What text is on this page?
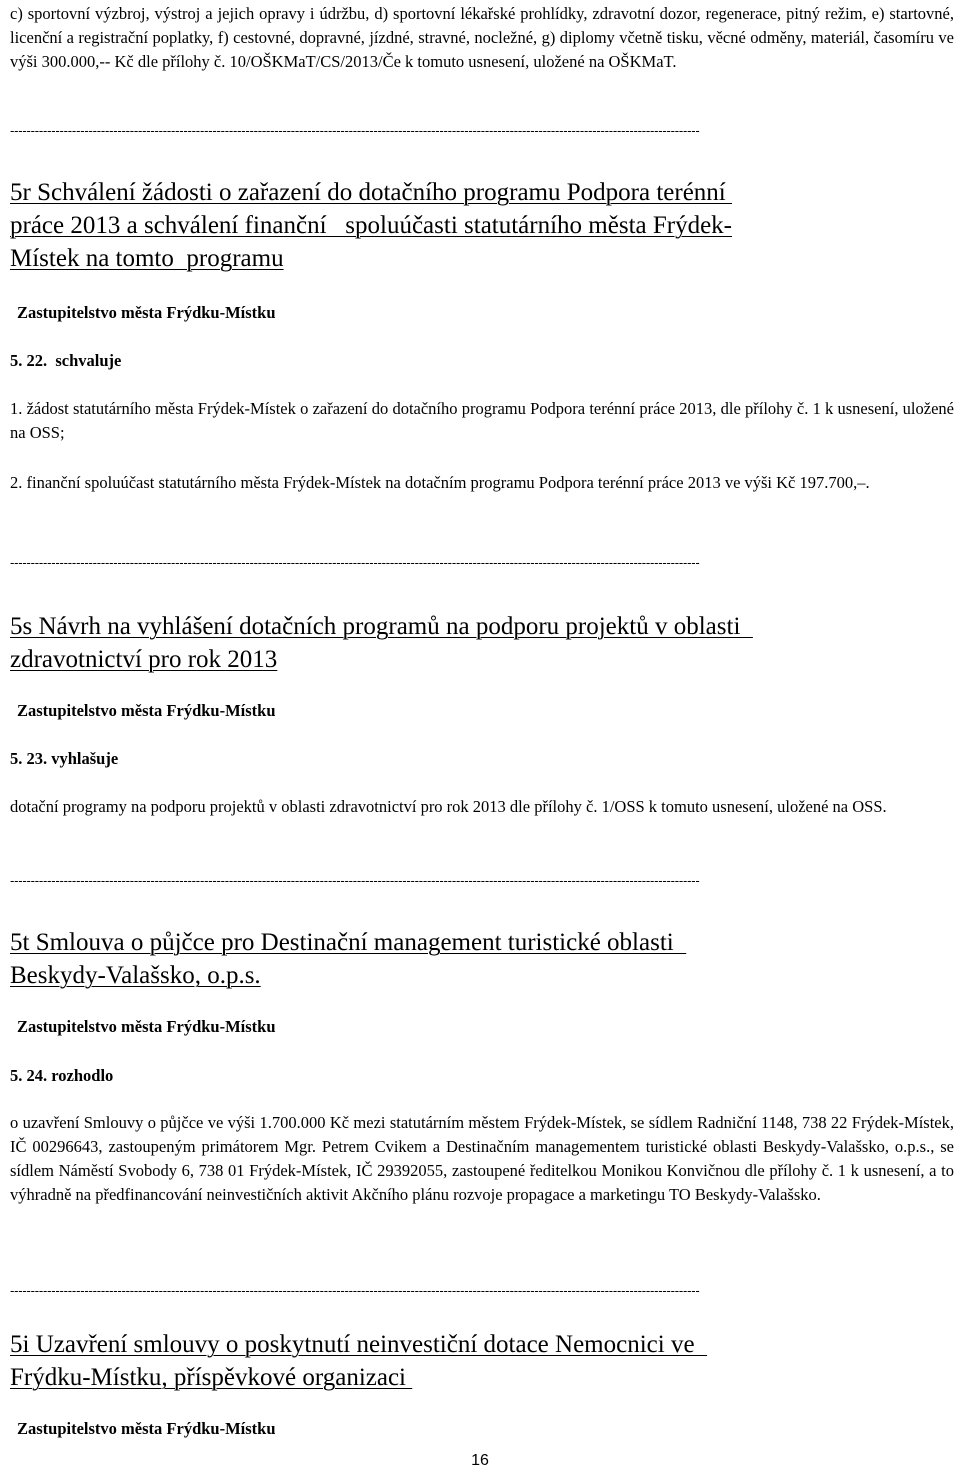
c) sportovní výzbroj, výstroj a jejich opravy i údržbu, d) sportovní lékařské prohlídky, zdravotní dozor, regenerace, pitný režim, e) startovné, licenční a registrační poplatky, f) cestovné, dopravné, jízdné, stravné, nocležné, g) diplomy včetně tisku, věcné odměny, materiál, časomíru ve výši 300.000,-- Kč dle přílohy č. 10/OŠKMaT/CS/2013/Če k tomuto usnesení, uložené na OŠKMaT.

-----------------------------------------------------------------------------------------------------------------------------------------------------------------------
5r Schválení žádosti o zařazení do dotačního programu Podpora terénní
práce 2013 a schválení finanční   spoluúčasti statutárního města Frýdek-
Místek na tomto  programu
Zastupitelstvo města Frýdku-Místku
5. 22.  schvaluje

1. žádost statutárního města Frýdek-Místek o zařazení do dotačního programu Podpora terénní práce 2013, dle přílohy č. 1 k usnesení, uložené na OSS;

2. finanční spoluúčast statutárního města Frýdek-Místek na dotačním programu Podpora terénní práce 2013 ve výši Kč 197.700,–.

-----------------------------------------------------------------------------------------------------------------------------------------------------------------------
5s Návrh na vyhlášení dotačních programů na podporu projektů v oblasti
zdravotnictví pro rok 2013
Zastupitelstvo města Frýdku-Místku
5. 23. vyhlašuje

dotační programy na podporu projektů v oblasti zdravotnictví pro rok 2013 dle přílohy č. 1/OSS k tomuto usnesení, uložené na OSS.

-----------------------------------------------------------------------------------------------------------------------------------------------------------------------
5t Smlouva o půjčce pro Destinační management turistické oblasti
Beskydy-Valašsko, o.p.s.
Zastupitelstvo města Frýdku-Místku
5. 24. rozhodlo

o uzavření Smlouvy o půjčce ve výši 1.700.000 Kč mezi statutárním městem Frýdek-Místek, se sídlem Radniční 1148, 738 22 Frýdek-Místek, IČ 00296643, zastoupeným primátorem Mgr. Petrem Cvikem a Destinačním managementem turistické oblasti Beskydy-Valašsko, o.p.s., se sídlem Náměstí Svobody 6, 738 01 Frýdek-Místek, IČ 29392055, zastoupené ředitelkou Monikou Konvičnou dle přílohy č. 1 k usnesení, a to výhradně na předfinancování neinvestičních aktivit Akčního plánu rozvoje propagace a marketingu TO Beskydy-Valašsko.

-----------------------------------------------------------------------------------------------------------------------------------------------------------------------
5i Uzavření smlouvy o poskytnutí neinvestiční dotace Nemocnici ve
Frýdku-Místku, příspěvkové organizaci
Zastupitelstvo města Frýdku-Místku
16
